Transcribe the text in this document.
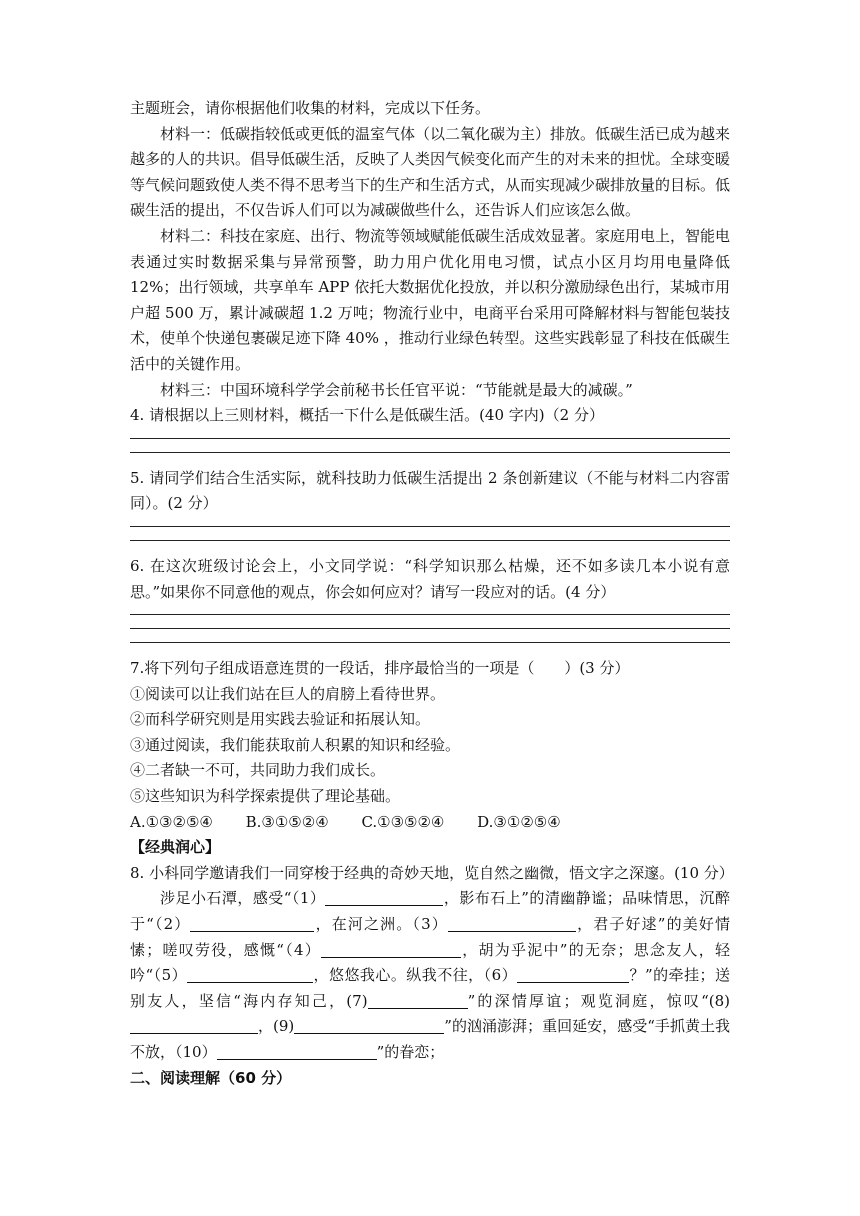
主题班会，请你根据他们收集的材料，完成以下任务。

材料一：低碳指较低或更低的温室气体（以二氧化碳为主）排放。低碳生活已成为越来越多的人的共识。倡导低碳生活，反映了人类因气候变化而产生的对未来的担忧。全球变暖等气候问题致使人类不得不思考当下的生产和生活方式，从而实现减少碳排放量的目标。低碳生活的提出，不仅告诉人们可以为减碳做些什么，还告诉人们应该怎么做。

材料二：科技在家庭、出行、物流等领域赋能低碳生活成效显著。家庭用电上，智能电表通过实时数据采集与异常预警，助力用户优化用电习惯，试点小区月均用电量降低 12%；出行领域，共享单车 APP 依托大数据优化投放，并以积分激励绿色出行，某城市用户超 500 万，累计减碳超 1.2 万吨；物流行业中，电商平台采用可降解材料与智能包装技术，使单个快递包裹碳足迹下降 40% ，推动行业绿色转型。这些实践彰显了科技在低碳生活中的关键作用。

材料三：中国环境科学学会前秘书长任官平说：“节能就是最大的减碳。”

4. 请根据以上三则材料，概括一下什么是低碳生活。(40 字内)（2 分）

5. 请同学们结合生活实际，就科技助力低碳生活提出 2 条创新建议（不能与材料二内容雷同）。(2 分）

6. 在这次班级讨论会上，小文同学说：“科学知识那么枯燥，还不如多读几本小说有意思。”如果你不同意他的观点，你会如何应对？请写一段应对的话。(4 分）

7.将下列句子组成语意连贯的一段话，排序最恰当的一项是（　　）(3 分）

①阅读可以让我们站在巨人的肩膀上看待世界。

②而科学研究则是用实践去验证和拓展认知。

③通过阅读，我们能获取前人积累的知识和经验。

④二者缺一不可，共同助力我们成长。

⑤这些知识为科学探索提供了理论基础。

A.①③②⑤④ B.③①⑤②④ C.①③⑤②④ D.③①②⑤④

【经典润心】

8. 小科同学邀请我们一同穿梭于经典的奇妙天地，览自然之幽微，悟文字之深邃。(10 分）

涉足小石潭，感受“（1）	，影布石上”的清幽静谧；品味情思，沉醉于“（2）	，在河之洲。（3）	，君子好逑”的美好情愫；嗟叹劳役，感慨“（4）	，胡为乎泥中”的无奈；思念友人，轻吟“（5）	，悠悠我心。纵我不往，（6）	？”的牵挂；送别友人，坚信“海内存知己，(7)	”的深情厚谊；观览洞庭，惊叹“(8)，(9)	”的汹涌澎湃；重回延安，感受“手抓黄土我不放，（10）	”的眷恋；

二、阅读理解（60 分）
